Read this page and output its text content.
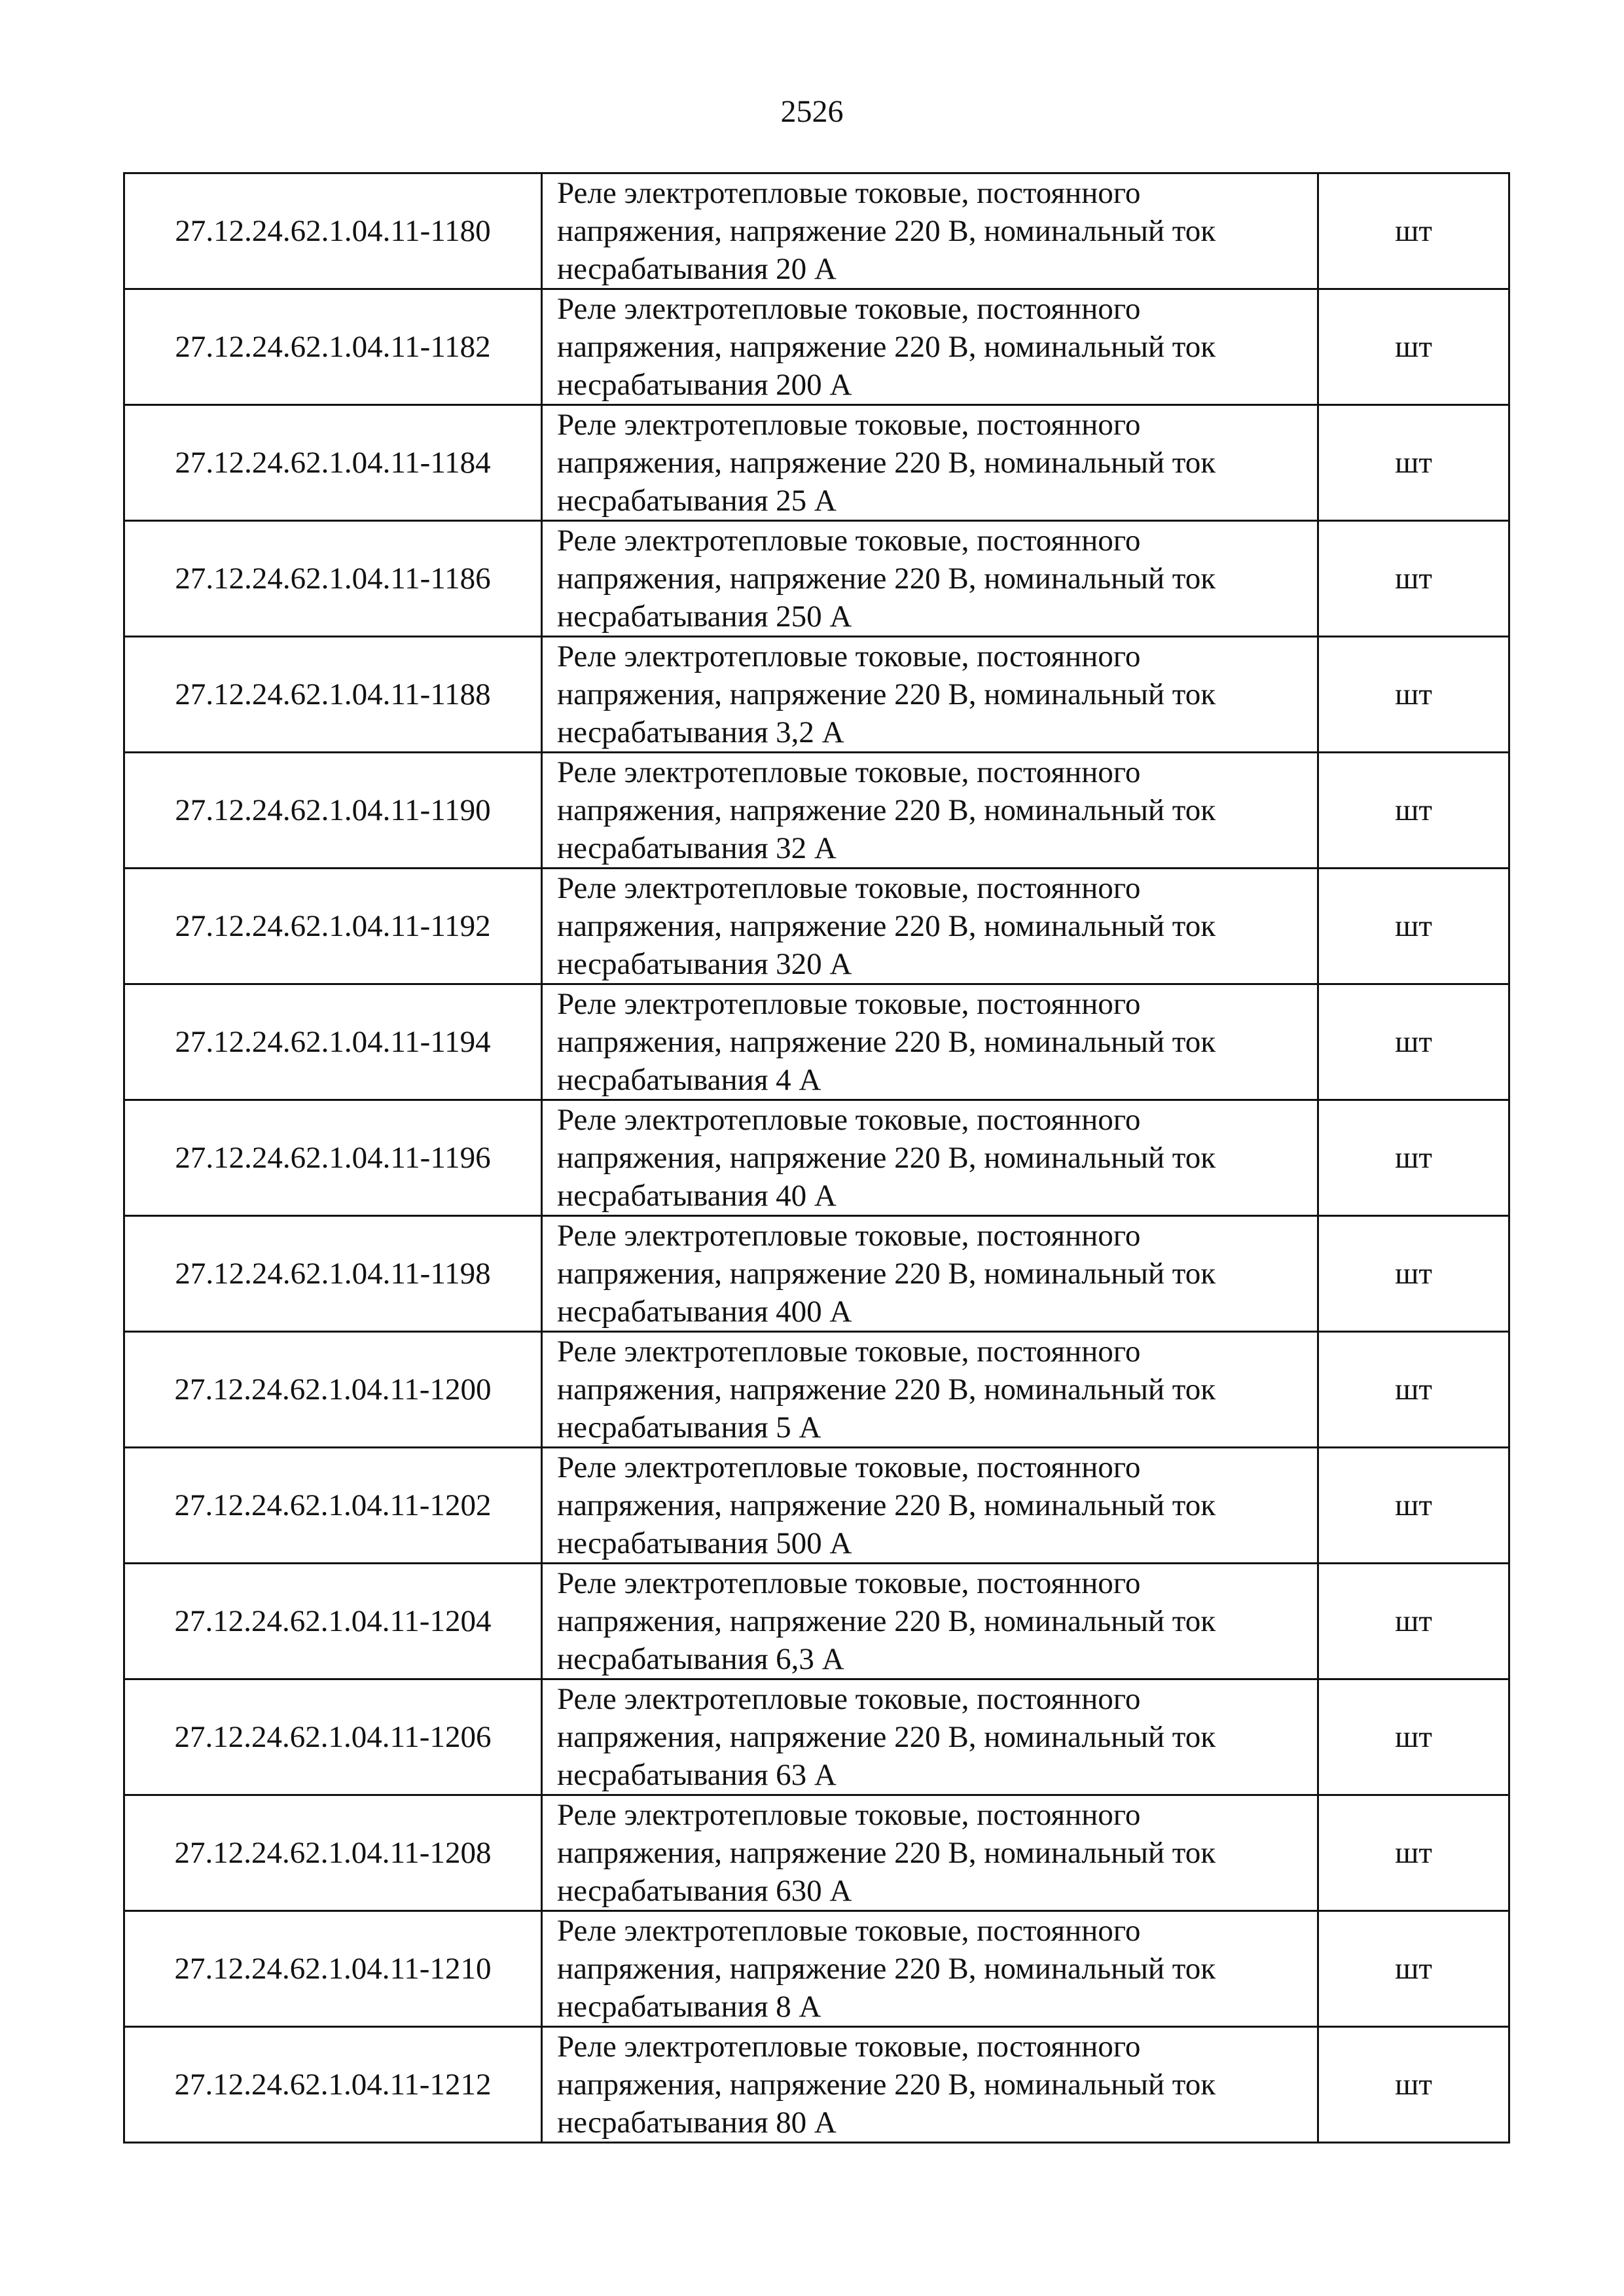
2526
27.12.24.62.1.04.11-1180	Реле электротепловые токовые, постоянного
напряжения, напряжение 220 В, номинальный ток
несрабатывания 20 А	шт
27.12.24.62.1.04.11-1182	Реле электротепловые токовые, постоянного
напряжения, напряжение 220 В, номинальный ток
несрабатывания 200 А	шт
27.12.24.62.1.04.11-1184	Реле электротепловые токовые, постоянного
напряжения, напряжение 220 В, номинальный ток
несрабатывания 25 А	шт
27.12.24.62.1.04.11-1186	Реле электротепловые токовые, постоянного
напряжения, напряжение 220 В, номинальный ток
несрабатывания 250 А	шт
27.12.24.62.1.04.11-1188	Реле электротепловые токовые, постоянного
напряжения, напряжение 220 В, номинальный ток
несрабатывания 3,2 А	шт
27.12.24.62.1.04.11-1190	Реле электротепловые токовые, постоянного
напряжения, напряжение 220 В, номинальный ток
несрабатывания 32 А	шт
27.12.24.62.1.04.11-1192	Реле электротепловые токовые, постоянного
напряжения, напряжение 220 В, номинальный ток
несрабатывания 320 А	шт
27.12.24.62.1.04.11-1194	Реле электротепловые токовые, постоянного
напряжения, напряжение 220 В, номинальный ток
несрабатывания 4 А	шт
27.12.24.62.1.04.11-1196	Реле электротепловые токовые, постоянного
напряжения, напряжение 220 В, номинальный ток
несрабатывания 40 А	шт
27.12.24.62.1.04.11-1198	Реле электротепловые токовые, постоянного
напряжения, напряжение 220 В, номинальный ток
несрабатывания 400 А	шт
27.12.24.62.1.04.11-1200	Реле электротепловые токовые, постоянного
напряжения, напряжение 220 В, номинальный ток
несрабатывания 5 А	шт
27.12.24.62.1.04.11-1202	Реле электротепловые токовые, постоянного
напряжения, напряжение 220 В, номинальный ток
несрабатывания 500 А	шт
27.12.24.62.1.04.11-1204	Реле электротепловые токовые, постоянного
напряжения, напряжение 220 В, номинальный ток
несрабатывания 6,3 А	шт
27.12.24.62.1.04.11-1206	Реле электротепловые токовые, постоянного
напряжения, напряжение 220 В, номинальный ток
несрабатывания 63 А	шт
27.12.24.62.1.04.11-1208	Реле электротепловые токовые, постоянного
напряжения, напряжение 220 В, номинальный ток
несрабатывания 630 А	шт
27.12.24.62.1.04.11-1210	Реле электротепловые токовые, постоянного
напряжения, напряжение 220 В, номинальный ток
несрабатывания 8 А	шт
27.12.24.62.1.04.11-1212	Реле электротепловые токовые, постоянного
напряжения, напряжение 220 В, номинальный ток
несрабатывания 80 А	шт
